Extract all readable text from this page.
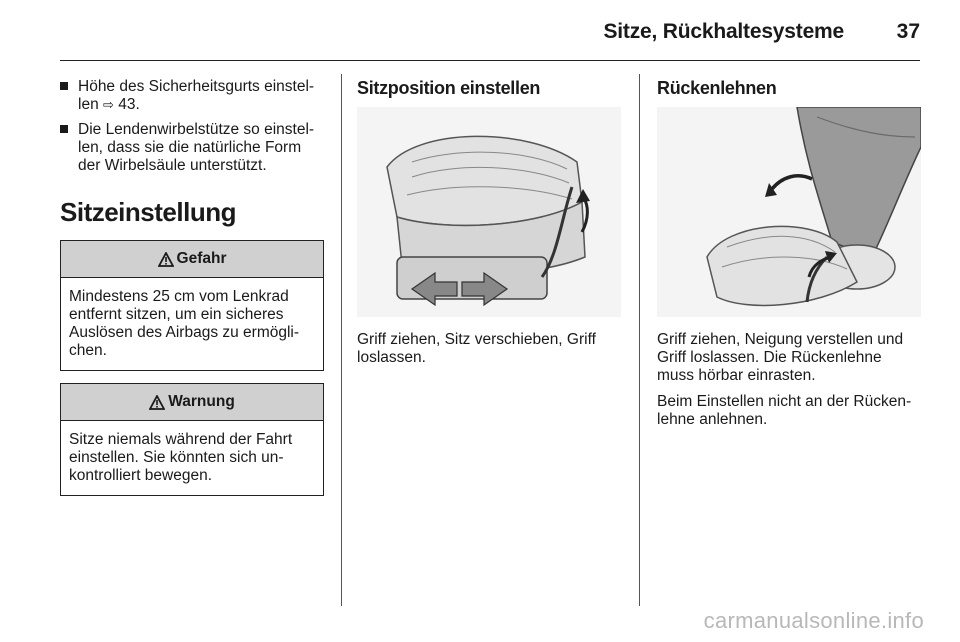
Sitze, Rückhaltesysteme	37
Höhe des Sicherheitsgurts einstel-len ⇨ 43.
Die Lendenwirbelstütze so einstel-len, dass sie die natürliche Form der Wirbelsäule unterstützt.
Sitzeinstellung
Gefahr
Mindestens 25 cm vom Lenkrad entfernt sitzen, um ein sicheres Auslösen des Airbags zu ermögli-chen.
Warnung
Sitze niemals während der Fahrt einstellen. Sie könnten sich un-kontrolliert bewegen.
Sitzposition einstellen
Griff ziehen, Sitz verschieben, Griff loslassen.
Rückenlehnen
Griff ziehen, Neigung verstellen und Griff loslassen. Die Rückenlehne muss hörbar einrasten.
Beim Einstellen nicht an der Rücken-lehne anlehnen.
carmanualsonline.info
